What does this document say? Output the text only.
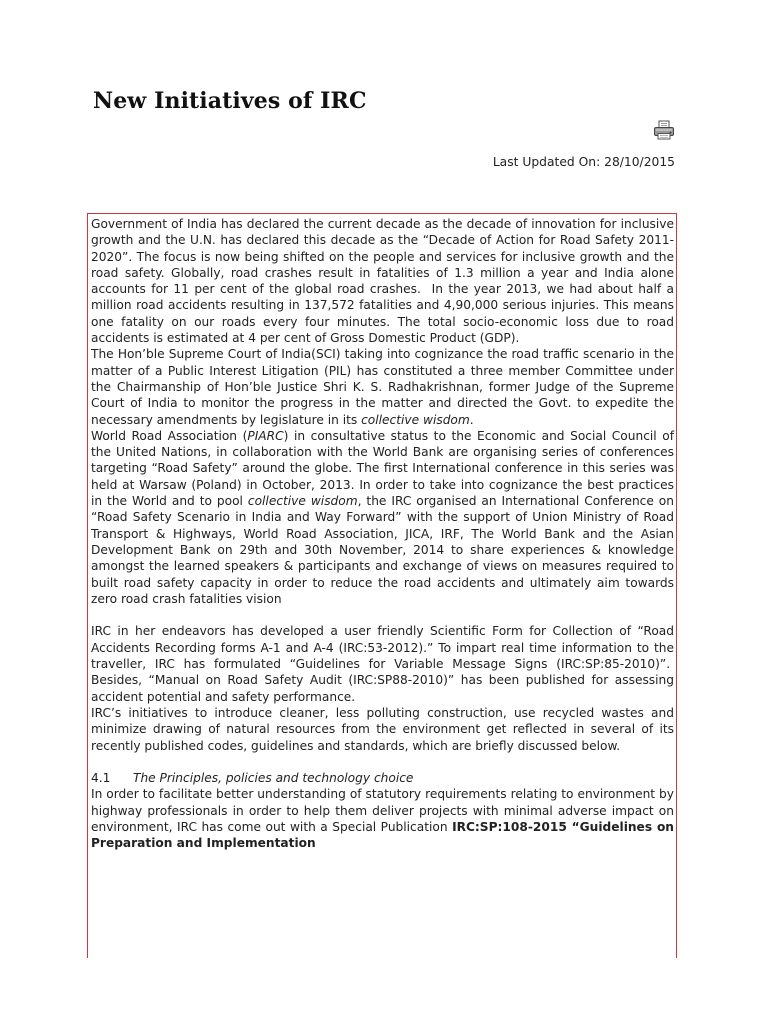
New Initiatives of IRC
Last Updated On: 28/10/2015

Government of India has declared the current decade as the decade of innovation for inclusive growth and the U.N. has declared this decade as the “Decade of Action for Road Safety 2011-2020”. The focus is now being shifted on the people and services for inclusive growth and the road safety. Globally, road crashes result in fatalities of 1.3 million a year and India alone accounts for 11 per cent of the global road crashes.  In the year 2013, we had about half a million road accidents resulting in 137,572 fatalities and 4,90,000 serious injuries. This means one fatality on our roads every four minutes. The total socio-economic loss due to road accidents is estimated at 4 per cent of Gross Domestic Product (GDP).

The Hon’ble Supreme Court of India(SCI) taking into cognizance the road traffic scenario in the matter of a Public Interest Litigation (PIL) has constituted a three member Committee under the Chairmanship of Hon’ble Justice Shri K. S. Radhakrishnan, former Judge of the Supreme Court of India to monitor the progress in the matter and directed the Govt. to expedite the necessary amendments by legislature in its collective wisdom.

World Road Association (PIARC) in consultative status to the Economic and Social Council of the United Nations, in collaboration with the World Bank are organising series of conferences targeting “Road Safety” around the globe. The first International conference in this series was held at Warsaw (Poland) in October, 2013. In order to take into cognizance the best practices in the World and to pool collective wisdom, the IRC organised an International Conference on “Road Safety Scenario in India and Way Forward” with the support of Union Ministry of Road Transport & Highways, World Road Association, JICA, IRF, The World Bank and the Asian Development Bank on 29th and 30th November, 2014 to share experiences & knowledge amongst the learned speakers & participants and exchange of views on measures required to built road safety capacity in order to reduce the road accidents and ultimately aim towards zero road crash fatalities vision

IRC in her endeavors has developed a user friendly Scientific Form for Collection of “Road Accidents Recording forms A-1 and A-4 (IRC:53-2012).” To impart real time information to the traveller, IRC has formulated “Guidelines for Variable Message Signs (IRC:SP:85-2010)”.  Besides, “Manual on Road Safety Audit (IRC:SP88-2010)” has been published for assessing accident potential and safety performance.

IRC’s initiatives to introduce cleaner, less polluting construction, use recycled wastes and minimize drawing of natural resources from the environment get reflected in several of its recently published codes, guidelines and standards, which are briefly discussed below.

4.1 The Principles, policies and technology choice

In order to facilitate better understanding of statutory requirements relating to environment by highway professionals in order to help them deliver projects with minimal adverse impact on environment, IRC has come out with a Special Publication IRC:SP:108-2015 “Guidelines on Preparation and Implementation
